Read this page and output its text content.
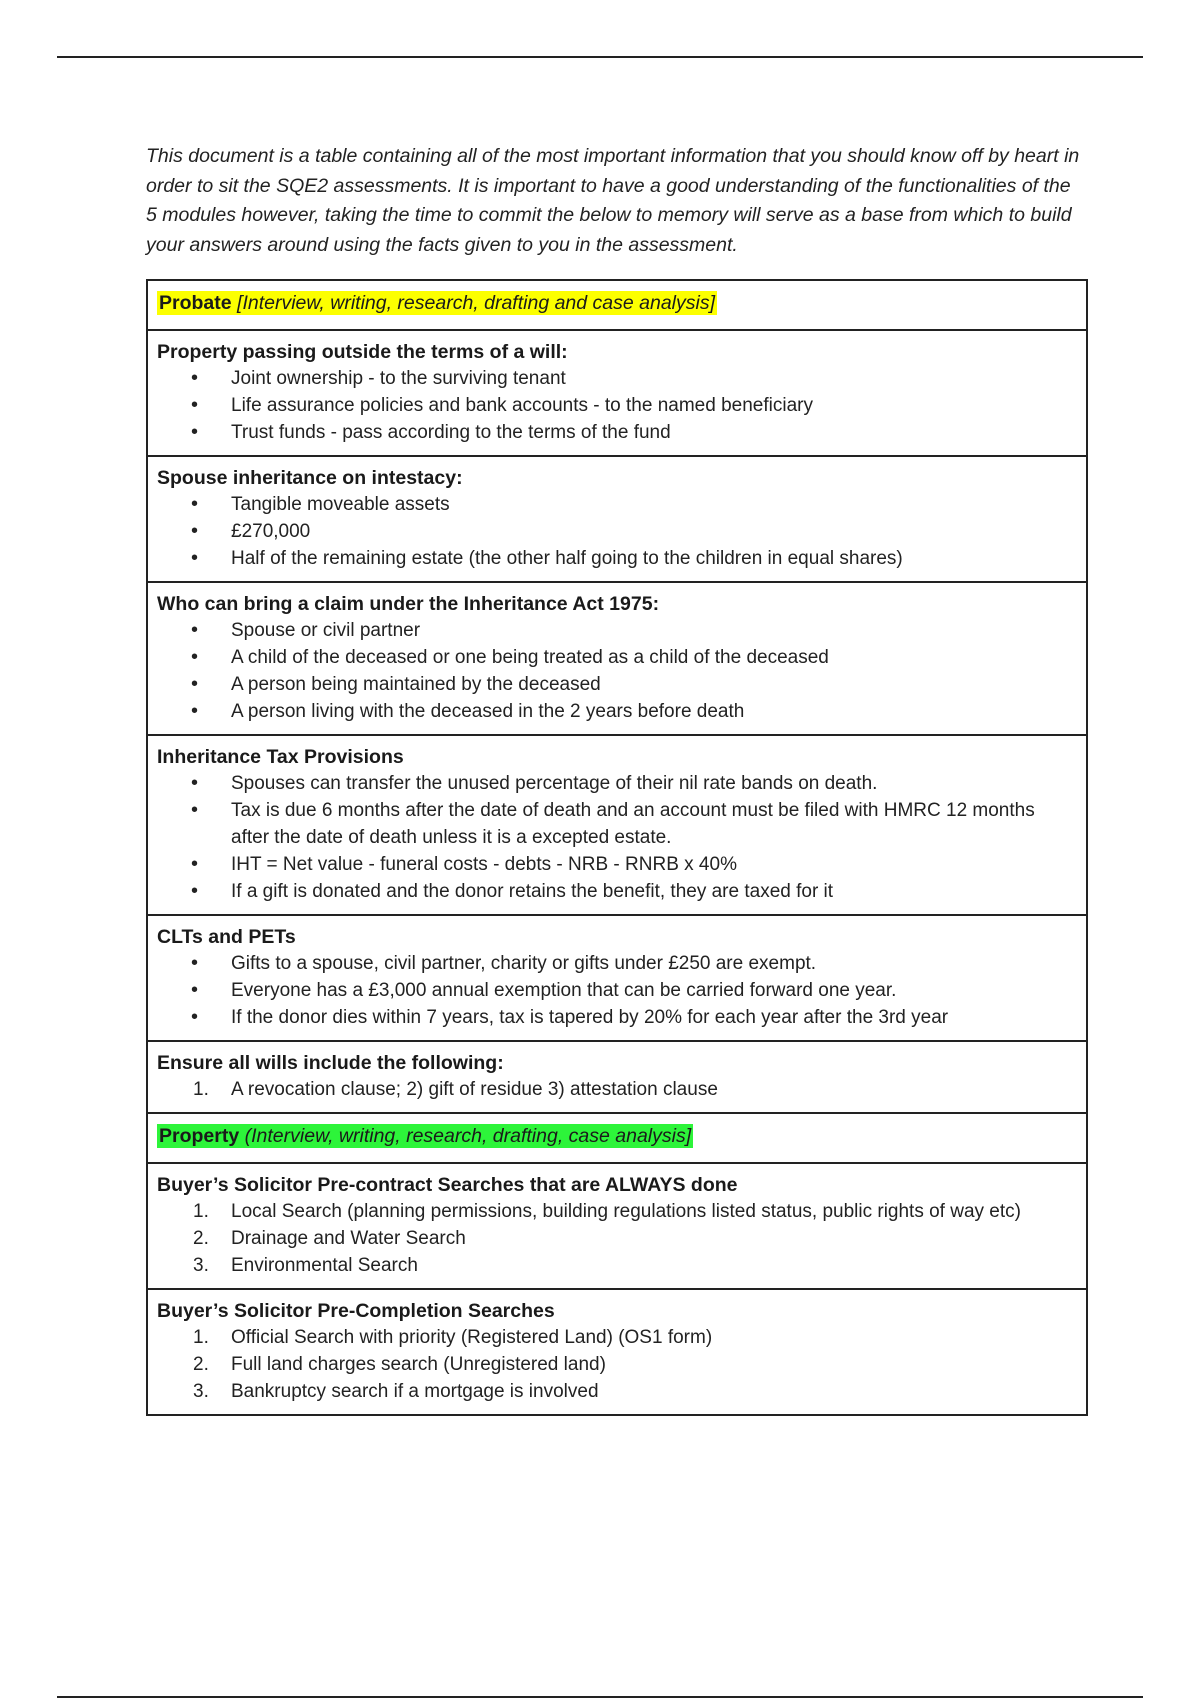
This document is a table containing all of the most important information that you should know off by heart in order to sit the SQE2 assessments. It is important to have a good understanding of the functionalities of the 5 modules however, taking the time to commit the below to memory will serve as a base from which to build your answers around using the facts given to you in the assessment.

Probate [Interview, writing, research, drafting and case analysis]
Property passing outside the terms of a will:
• Joint ownership - to the surviving tenant
• Life assurance policies and bank accounts - to the named beneficiary
• Trust funds - pass according to the terms of the fund
Spouse inheritance on intestacy:
• Tangible moveable assets
• £270,000
• Half of the remaining estate (the other half going to the children in equal shares)
Who can bring a claim under the Inheritance Act 1975:
• Spouse or civil partner
• A child of the deceased or one being treated as a child of the deceased
• A person being maintained by the deceased
• A person living with the deceased in the 2 years before death
Inheritance Tax Provisions
• Spouses can transfer the unused percentage of their nil rate bands on death.
• Tax is due 6 months after the date of death and an account must be filed with HMRC 12 months after the date of death unless it is a excepted estate.
• IHT = Net value - funeral costs - debts - NRB - RNRB x 40%
• If a gift is donated and the donor retains the benefit, they are taxed for it
CLTs and PETs
• Gifts to a spouse, civil partner, charity or gifts under £250 are exempt.
• Everyone has a £3,000 annual exemption that can be carried forward one year.
• If the donor dies within 7 years, tax is tapered by 20% for each year after the 3rd year
Ensure all wills include the following:
1. A revocation clause; 2) gift of residue 3) attestation clause
Property (Interview, writing, research, drafting, case analysis]
Buyer’s Solicitor Pre-contract Searches that are ALWAYS done
1. Local Search (planning permissions, building regulations listed status, public rights of way etc)
2. Drainage and Water Search
3. Environmental Search
Buyer’s Solicitor Pre-Completion Searches
1. Official Search with priority (Registered Land) (OS1 form)
2. Full land charges search (Unregistered land)
3. Bankruptcy search if a mortgage is involved
